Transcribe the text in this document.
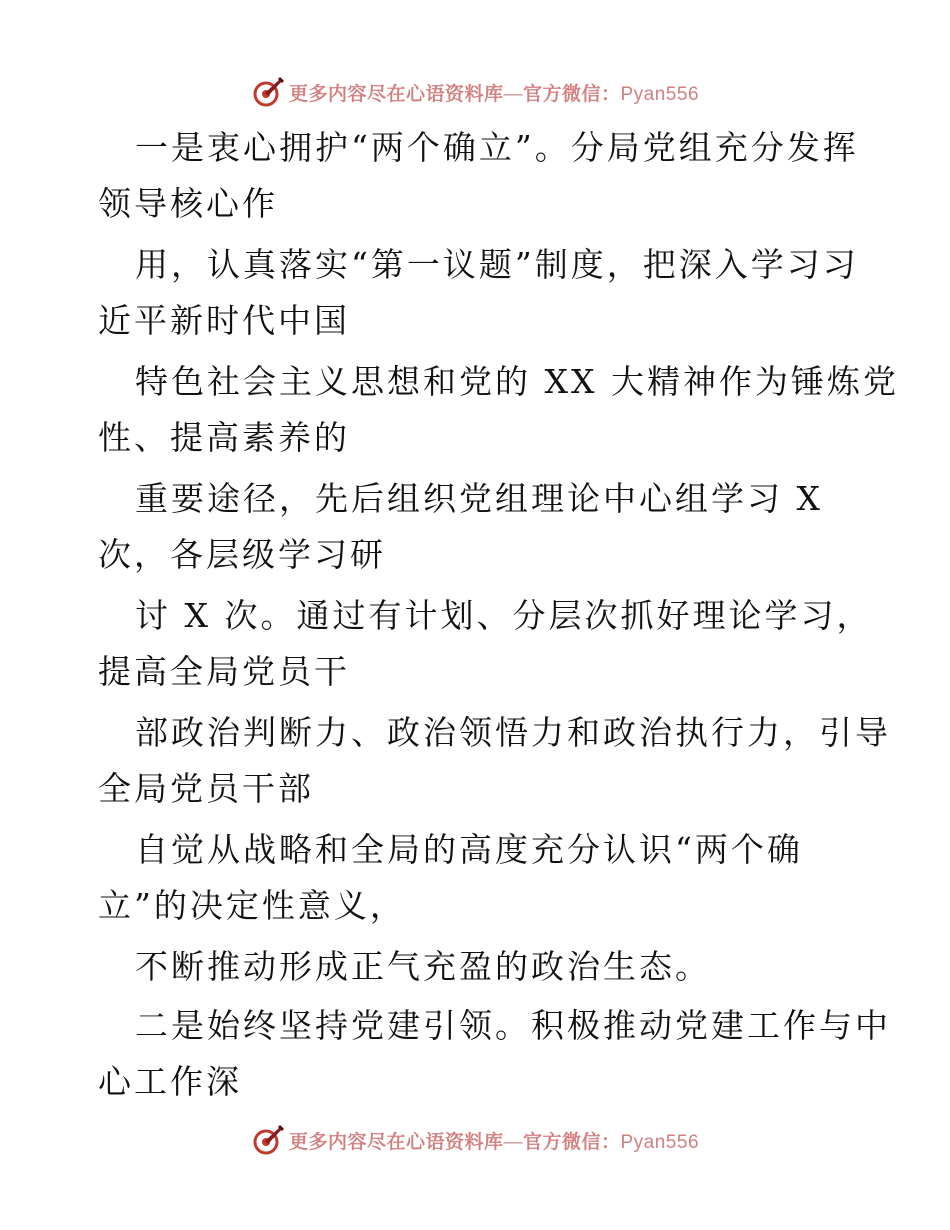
更多内容尽在心语资料库—官方微信：Pyan556
一是衷心拥护“两个确立”。分局党组充分发挥
领导核心作
用，认真落实“第一议题”制度，把深入学习习
近平新时代中国
特色社会主义思想和党的 XX 大精神作为锤炼党
性、提高素养的
重要途径，先后组织党组理论中心组学习 X
次，各层级学习研
讨 X 次。通过有计划、分层次抓好理论学习，
提高全局党员干
部政治判断力、政治领悟力和政治执行力，引导
全局党员干部
自觉从战略和全局的高度充分认识“两个确
立”的决定性意义，
不断推动形成正气充盈的政治生态。
二是始终坚持党建引领。积极推动党建工作与中
心工作深
更多内容尽在心语资料库—官方微信：Pyan556
